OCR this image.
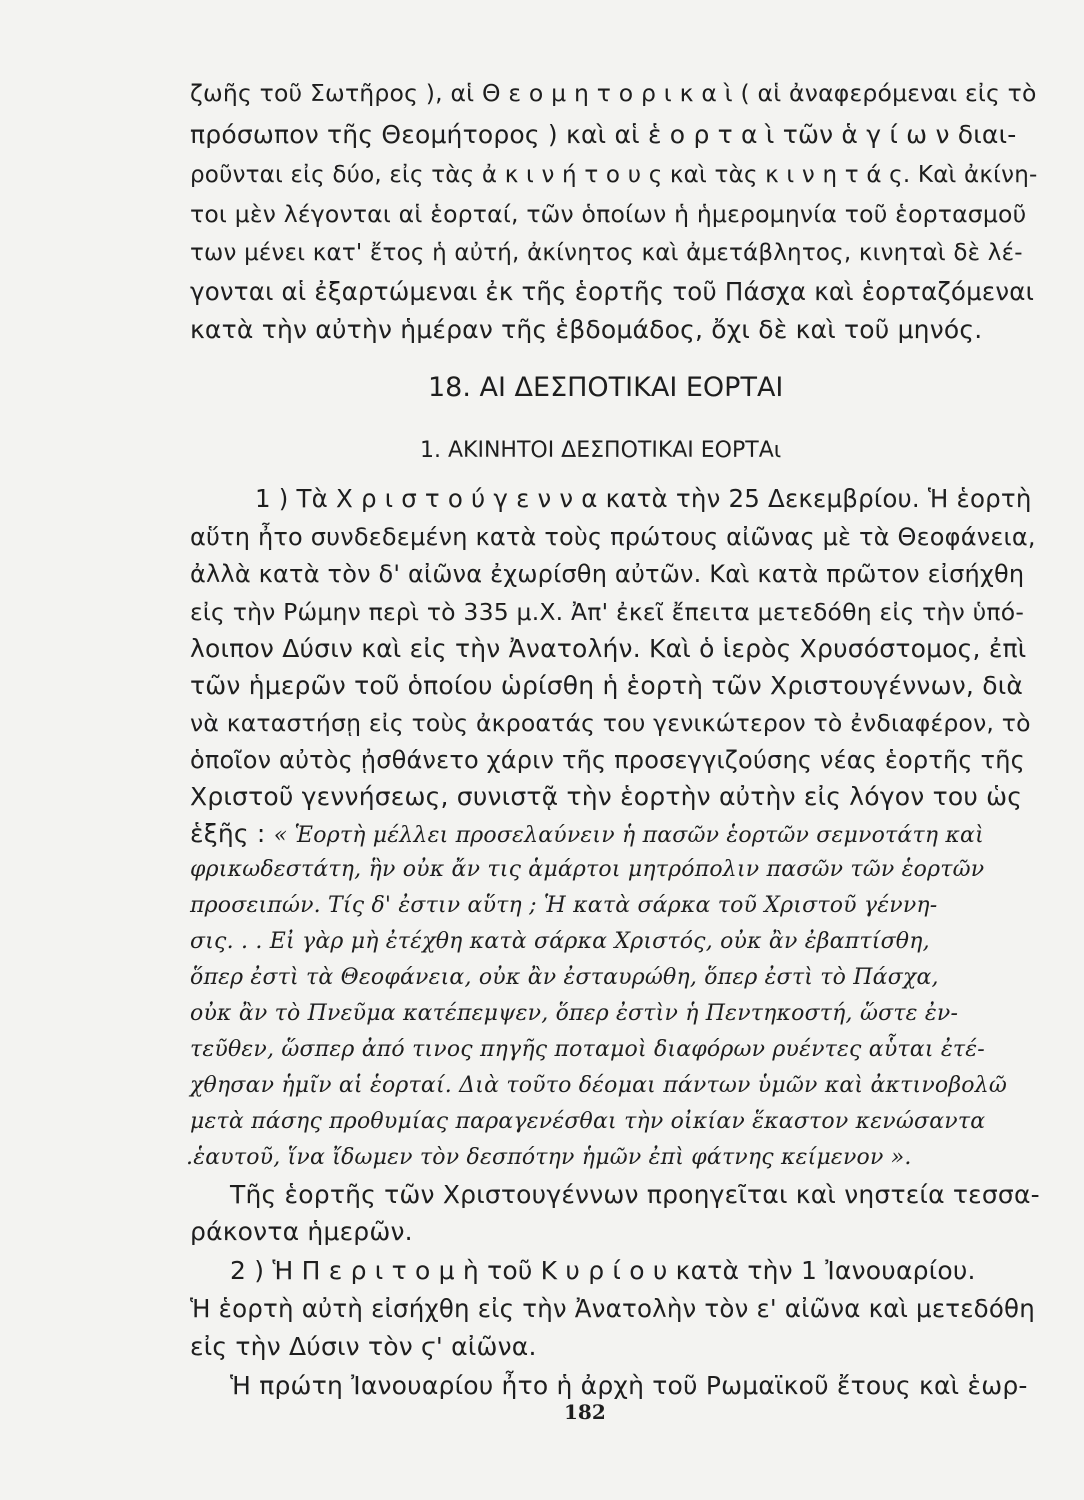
ζωῆς τοῦ Σωτῆρος ), αἱ Θ ε ο μ η τ ο ρ ι κ α ὶ ( αἱ ἀναφερόμεναι εἰς τὸ
πρόσωπον τῆς Θεομήτορος ) καὶ αἱ ἑ ο ρ τ α ὶ τῶν ἁ γ ί ω ν διαι-
ροῦνται εἰς δύο, εἰς τὰς ἀ κ ι ν ή τ ο υ ς καὶ τὰς κ ι ν η τ ά ς. Καὶ ἀκίνη-
τοι μὲν λέγονται αἱ ἑορταί, τῶν ὁποίων ἡ ἡμερομηνία τοῦ ἑορτασμοῦ
των μένει κατ' ἔτος ἡ αὐτή, ἀκίνητος καὶ ἀμετάβλητος, κινηταὶ δὲ λέ-
γονται αἱ ἐξαρτώμεναι ἐκ τῆς ἑορτῆς τοῦ Πάσχα καὶ ἑορταζόμεναι
κατὰ τὴν αὐτὴν ἡμέραν τῆς ἑβδομάδος, ὄχι δὲ καὶ τοῦ μηνός.
18. ΑΙ ΔΕΣΠΟΤΙΚΑΙ ΕΟΡΤΑΙ
1. ΑΚΙΝΗΤΟΙ ΔΕΣΠΟΤΙΚΑΙ ΕΟΡΤΑι
1 ) Τὰ Χ ρ ι σ τ ο ύ γ ε ν ν α κατὰ τὴν 25 Δεκεμβρίου. Ἡ ἑορτὴ
αὕτη ἦτο συνδεδεμένη κατὰ τοὺς πρώτους αἰῶνας μὲ τὰ Θεοφάνεια,
ἀλλὰ κατὰ τὸν δ' αἰῶνα ἐχωρίσθη αὐτῶν. Καὶ κατὰ πρῶτον εἰσήχθη
εἰς τὴν Ρώμην περὶ τὸ 335 μ.Χ. Ἀπ' ἐκεῖ ἔπειτα μετεδόθη εἰς τὴν ὑπό-
λοιπον Δύσιν καὶ εἰς τὴν Ἀνατολήν. Καὶ ὁ ἱερὸς Χρυσόστομος, ἐπὶ
τῶν ἡμερῶν τοῦ ὁποίου ὡρίσθη ἡ ἑορτὴ τῶν Χριστουγέννων, διὰ
νὰ καταστήσῃ εἰς τοὺς ἀκροατάς του γενικώτερον τὸ ἐνδιαφέρον, τὸ
ὁποῖον αὐτὸς ᾐσθάνετο χάριν τῆς προσεγγιζούσης νέας ἑορτῆς τῆς
Χριστοῦ γεννήσεως, συνιστᾷ τὴν ἑορτὴν αὐτὴν εἰς λόγον του ὡς
ἑξῆς : « Ἑορτὴ μέλλει προσελαύνειν ἡ πασῶν ἑορτῶν σεμνοτάτη καὶ
φρικωδεστάτη, ἣν οὐκ ἄν τις ἁμάρτοι μητρόπολιν πασῶν τῶν ἑορτῶν
προσειπών. Τίς δ' ἐστιν αὕτη ; Ἡ κατὰ σάρκα τοῦ Χριστοῦ γέννη-
σις. . . Εἰ γὰρ μὴ ἐτέχθη κατὰ σάρκα Χριστός, οὐκ ἂν ἐβαπτίσθη,
ὅπερ ἐστὶ τὰ Θεοφάνεια, οὐκ ἂν ἐσταυρώθη, ὅπερ ἐστὶ τὸ Πάσχα,
οὐκ ἂν τὸ Πνεῦμα κατέπεμψεν, ὅπερ ἐστὶν ἡ Πεντηκοστή, ὥστε ἐν-
τεῦθεν, ὥσπερ ἀπό τινος πηγῆς ποταμοὶ διαφόρων ρυέντες αὗται ἐτέ-
χθησαν ἡμῖν αἱ ἑορταί. Διὰ τοῦτο δέομαι πάντων ὑμῶν καὶ ἀκτινοβολῶ
μετὰ πάσης προθυμίας παραγενέσθαι τὴν οἰκίαν ἕκαστον κενώσαντα
.ἑαυτοῦ, ἵνα ἴδωμεν τὸν δεσπότην ἡμῶν ἐπὶ φάτνης κείμενον ».
Τῆς ἑορτῆς τῶν Χριστουγέννων προηγεῖται καὶ νηστεία τεσσα-
ράκοντα ἡμερῶν.
2 ) Ἡ Π ε ρ ι τ ο μ ὴ τοῦ Κ υ ρ ί ο υ κατὰ τὴν 1 Ἰανουαρίου.
Ἡ ἑορτὴ αὐτὴ εἰσήχθη εἰς τὴν Ἀνατολὴν τὸν ε' αἰῶνα καὶ μετεδόθη
εἰς τὴν Δύσιν τὸν ϛ' αἰῶνα.
Ἡ πρώτη Ἰανουαρίου ἦτο ἡ ἀρχὴ τοῦ Ρωμαϊκοῦ ἔτους καὶ ἑωρ-
182
